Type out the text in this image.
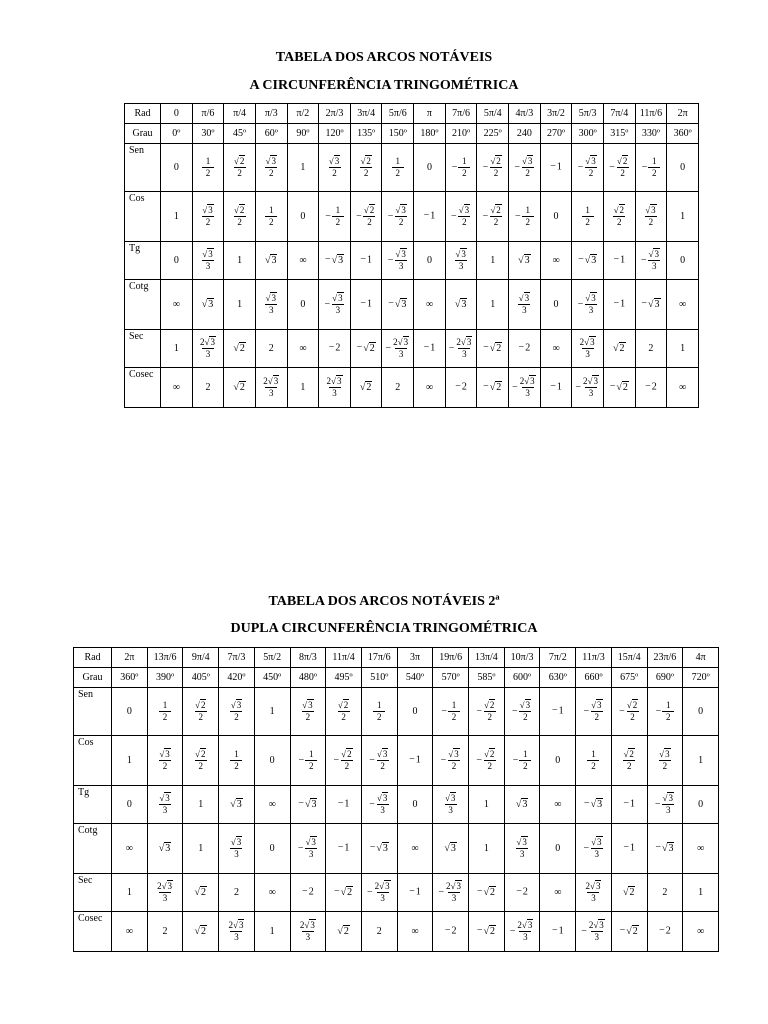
TABELA DOS ARCOS NOTÁVEIS
A CIRCUNFERÊNCIA TRINGOMÉTRICA
Rad	0	π/6	π/4	π/3	π/2	2π/3	3π/4	5π/6	π	7π/6	5π/4	4π/3	3π/2	5π/3	7π/4	11π/6	2π
Grau	0º	30º	45º	60º	90º	120º	135º	150º	180º	210º	225º	240	270º	300º	315º	330º	360º
Sen	0	$\frac{1}{2}$	$\frac{√2}{2}$	$\frac{√3}{2}$	1	$\frac{√3}{2}$	$\frac{√2}{2}$	$\frac{1}{2}$	0	− $\frac{1}{2}$	− $\frac{√2}{2}$	− $\frac{√3}{2}$	−1	− $\frac{√3}{2}$	− $\frac{√2}{2}$	− $\frac{1}{2}$	0
Cos	1	$\frac{√3}{2}$	$\frac{√2}{2}$	$\frac{1}{2}$	0	− $\frac{1}{2}$	− $\frac{√2}{2}$	− $\frac{√3}{2}$	−1	− $\frac{√3}{2}$	− $\frac{√2}{2}$	− $\frac{1}{2}$	0	$\frac{1}{2}$	$\frac{√2}{2}$	$\frac{√3}{2}$	1
Tg	0	$\frac{√3}{3}$	1	√3	∞	−√3	−1	− $\frac{√3}{3}$	0	$\frac{√3}{3}$	1	√3	∞	−√3	−1	− $\frac{√3}{3}$	0
Cotg	∞	√3	1	$\frac{√3}{3}$	0	− $\frac{√3}{3}$	−1	−√3	∞	√3	1	$\frac{√3}{3}$	0	− $\frac{√3}{3}$	−1	−√3	∞
Sec	1	$\frac{2√3}{3}$	√2	2	∞	−2	−√2	− $\frac{2√3}{3}$	−1	− $\frac{2√3}{3}$	−√2	−2	∞	$\frac{2√3}{3}$	√2	2	1
Cosec	∞	2	√2	$\frac{2√3}{3}$	1	$\frac{2√3}{3}$	√2	2	∞	−2	−√2	− $\frac{2√3}{3}$	−1	− $\frac{2√3}{3}$	−√2	−2	∞
TABELA DOS ARCOS NOTÁVEIS 2ª
DUPLA CIRCUNFERÊNCIA TRINGOMÉTRICA
Rad	2π	13π/6	9π/4	7π/3	5π/2	8π/3	11π/4	17π/6	3π	19π/6	13π/4	10π/3	7π/2	11π/3	15π/4	23π/6	4π
Grau	360º	390º	405º	420º	450º	480º	495º	510º	540º	570º	585º	600º	630º	660º	675º	690º	720º
Sen	0	$\frac{1}{2}$	$\frac{√2}{2}$	$\frac{√3}{2}$	1	$\frac{√3}{2}$	$\frac{√2}{2}$	$\frac{1}{2}$	0	− $\frac{1}{2}$	− $\frac{√2}{2}$	− $\frac{√3}{2}$	−1	− $\frac{√3}{2}$	− $\frac{√2}{2}$	− $\frac{1}{2}$	0
Cos	1	$\frac{√3}{2}$	$\frac{√2}{2}$	$\frac{1}{2}$	0	− $\frac{1}{2}$	− $\frac{√2}{2}$	− $\frac{√3}{2}$	−1	− $\frac{√3}{2}$	− $\frac{√2}{2}$	− $\frac{1}{2}$	0	$\frac{1}{2}$	$\frac{√2}{2}$	$\frac{√3}{2}$	1
Tg	0	$\frac{√3}{3}$	1	√3	∞	−√3	−1	− $\frac{√3}{3}$	0	$\frac{√3}{3}$	1	√3	∞	−√3	−1	− $\frac{√3}{3}$	0
Cotg	∞	√3	1	$\frac{√3}{3}$	0	− $\frac{√3}{3}$	−1	−√3	∞	√3	1	$\frac{√3}{3}$	0	− $\frac{√3}{3}$	−1	−√3	∞
Sec	1	$\frac{2√3}{3}$	√2	2	∞	−2	−√2	− $\frac{2√3}{3}$	−1	− $\frac{2√3}{3}$	−√2	−2	∞	$\frac{2√3}{3}$	√2	2	1
Cosec	∞	2	√2	$\frac{2√3}{3}$	1	$\frac{2√3}{3}$	√2	2	∞	−2	−√2	− $\frac{2√3}{3}$	−1	− $\frac{2√3}{3}$	−√2	−2	∞
